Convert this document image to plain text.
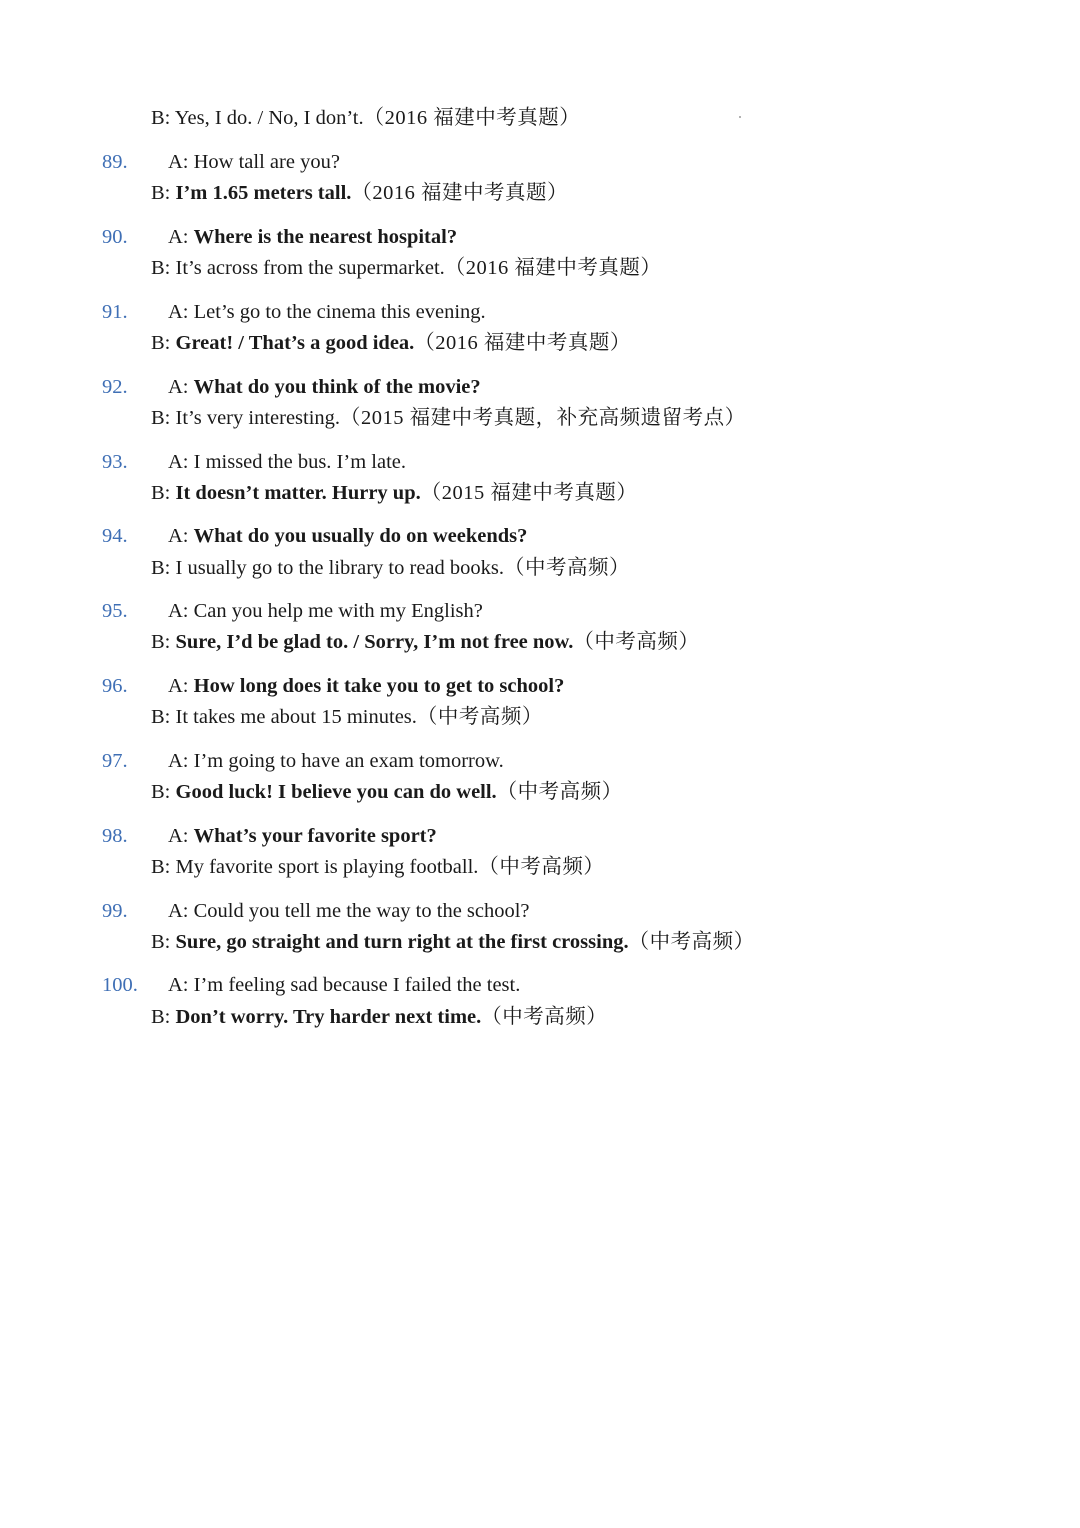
B: Yes, I do. / No, I don’t.（2016 福建中考真题）
89. A: How tall are you?
B: I’m 1.65 meters tall.（2016 福建中考真题）
90. A: Where is the nearest hospital?
B: It’s across from the supermarket.（2016 福建中考真题）
91. A: Let’s go to the cinema this evening.
B: Great! / That’s a good idea.（2016 福建中考真题）
92. A: What do you think of the movie?
B: It’s very interesting.（2015 福建中考真题，补充高频遗留考点）
93. A: I missed the bus. I’m late.
B: It doesn’t matter. Hurry up.（2015 福建中考真题）
94. A: What do you usually do on weekends?
B: I usually go to the library to read books.（中考高频）
95. A: Can you help me with my English?
B: Sure, I’d be glad to. / Sorry, I’m not free now.（中考高频）
96. A: How long does it take you to get to school?
B: It takes me about 15 minutes.（中考高频）
97. A: I’m going to have an exam tomorrow.
B: Good luck! I believe you can do well.（中考高频）
98. A: What’s your favorite sport?
B: My favorite sport is playing football.（中考高频）
99. A: Could you tell me the way to the school?
B: Sure, go straight and turn right at the first crossing.（中考高频）
100. A: I’m feeling sad because I failed the test.
B: Don’t worry. Try harder next time.（中考高频）
